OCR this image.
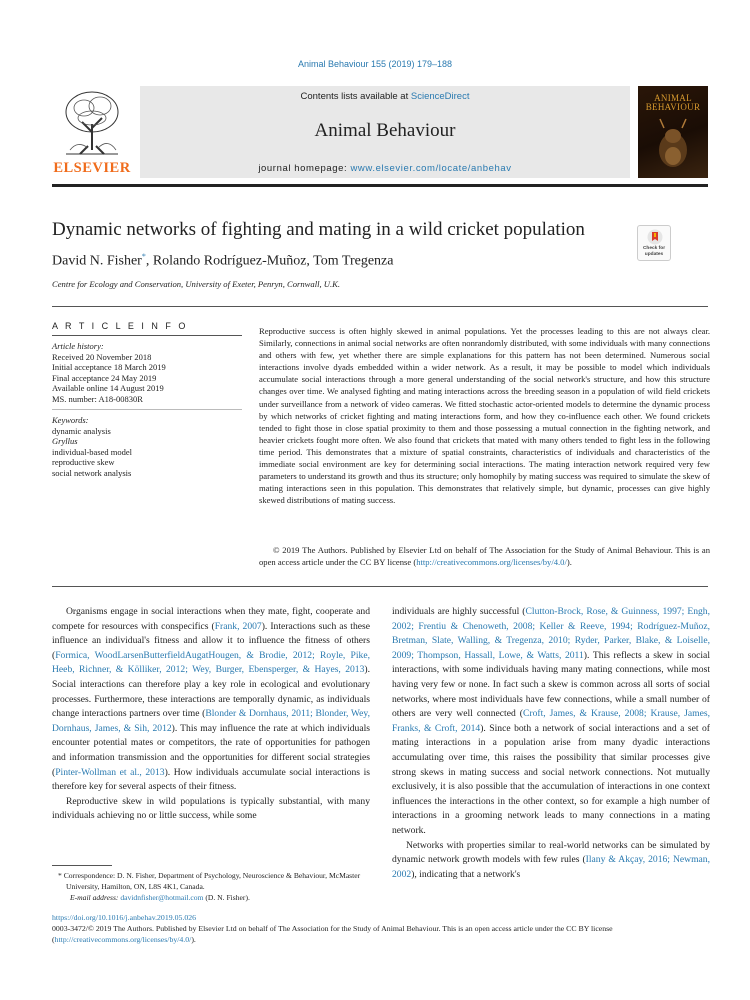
Animal Behaviour 155 (2019) 179–188
ELSEVIER
Contents lists available at ScienceDirect
Animal Behaviour
journal homepage: www.elsevier.com/locate/anbehav
ANIMAL
BEHAVIOUR
Dynamic networks of fighting and mating in a wild cricket population
Check for
updates
David N. Fisher*, Rolando Rodríguez-Muñoz, Tom Tregenza
Centre for Ecology and Conservation, University of Exeter, Penryn, Cornwall, U.K.
A R T I C L E I N F O
Article history:
Received 20 November 2018
Initial acceptance 18 March 2019
Final acceptance 24 May 2019
Available online 14 August 2019
MS. number: A18-00830R
Keywords:
dynamic analysis
Gryllus
individual-based model
reproductive skew
social network analysis
Reproductive success is often highly skewed in animal populations. Yet the processes leading to this are not always clear. Similarly, connections in animal social networks are often nonrandomly distributed, with some individuals with many connections and others with few, yet whether there are simple explanations for this pattern has not been determined. Numerous social interactions involve dyads embedded within a wider network. As a result, it may be possible to model which individuals accumulate social interactions through a more general understanding of the social network's structure, and how this structure changes over time. We analysed fighting and mating interactions across the breeding season in a population of wild field crickets under surveillance from a network of video cameras. We fitted stochastic actor-oriented models to determine the dynamic process by which networks of cricket fighting and mating interactions form, and how they co-influence each other. We found crickets tended to fight those in close spatial proximity to them and those possessing a mutual connection in the fighting network, and heavier crickets fought more often. We also found that crickets that mated with many others tended to fight less in the following time period. This demonstrates that a mixture of spatial constraints, characteristics of individuals and characteristics of the immediate social environment are key for determining social interactions. The mating interaction network required very few parameters to understand its growth and thus its structure; only homophily by mating success was required to simulate the skew of mating interactions seen in this population. This demonstrates that relatively simple, but dynamic, processes can give highly skewed distributions of mating success.
© 2019 The Authors. Published by Elsevier Ltd on behalf of The Association for the Study of Animal Behaviour. This is an open access article under the CC BY license (http://creativecommons.org/licenses/by/4.0/).

Organisms engage in social interactions when they mate, fight, cooperate and compete for resources with conspecifics (Frank, 2007). Interactions such as these influence an individual's fitness and allow it to influence the fitness of others (Formica, WoodLarsenButterfieldAugatHougen, & Brodie, 2012; Royle, Pike, Heeb, Richner, & Kölliker, 2012; Wey, Burger, Ebensperger, & Hayes, 2013). Social interactions can therefore play a key role in ecological and evolutionary processes. Furthermore, these interactions are temporally dynamic, as individuals change interactions partners over time (Blonder & Dornhaus, 2011; Blonder, Wey, Dornhaus, James, & Sih, 2012). This may influence the rate at which individuals encounter potential mates or competitors, the rate of opportunities for pathogen and information transmission and the opportunities for different social strategies (Pinter-Wollman et al., 2013). How individuals accumulate social interactions is therefore key for several aspects of their fitness.

Reproductive skew in wild populations is typically substantial, with many individuals achieving no or little success, while some

individuals are highly successful (Clutton-Brock, Rose, & Guinness, 1997; Engh, 2002; Frentiu & Chenoweth, 2008; Keller & Reeve, 1994; Rodríguez-Muñoz, Bretman, Slate, Walling, & Tregenza, 2010; Ryder, Parker, Blake, & Loiselle, 2009; Thompson, Hassall, Lowe, & Watts, 2011). This reflects a skew in social interactions, with some individuals having many mating connections, while most having very few or none. In fact such a skew is common across all sorts of social networks, where most individuals have few connections, while a small number of others are very well connected (Croft, James, & Krause, 2008; Krause, James, Franks, & Croft, 2014). Since both a network of social interactions and a set of mating interactions in a population arise from many dyadic interactions accumulating over time, this raises the possibility that similar processes give strong skews in mating success and social network connections. Not mutually exclusively, it is also possible that the accumulation of interactions in one context influences the interactions in the other context, so for example a high number of interactions in a grooming network leads to many connections in a mating network.

Networks with properties similar to real-world networks can be simulated by dynamic network growth models with few rules (Ilany & Akçay, 2016; Newman, 2002), indicating that a network's

* Correspondence: D. N. Fisher, Department of Psychology, Neuroscience & Behaviour, McMaster University, Hamilton, ON, L8S 4K1, Canada.
E-mail address: davidnfisher@hotmail.com (D. N. Fisher).
https://doi.org/10.1016/j.anbehav.2019.05.026
0003-3472/© 2019 The Authors. Published by Elsevier Ltd on behalf of The Association for the Study of Animal Behaviour. This is an open access article under the CC BY license (http://creativecommons.org/licenses/by/4.0/).
